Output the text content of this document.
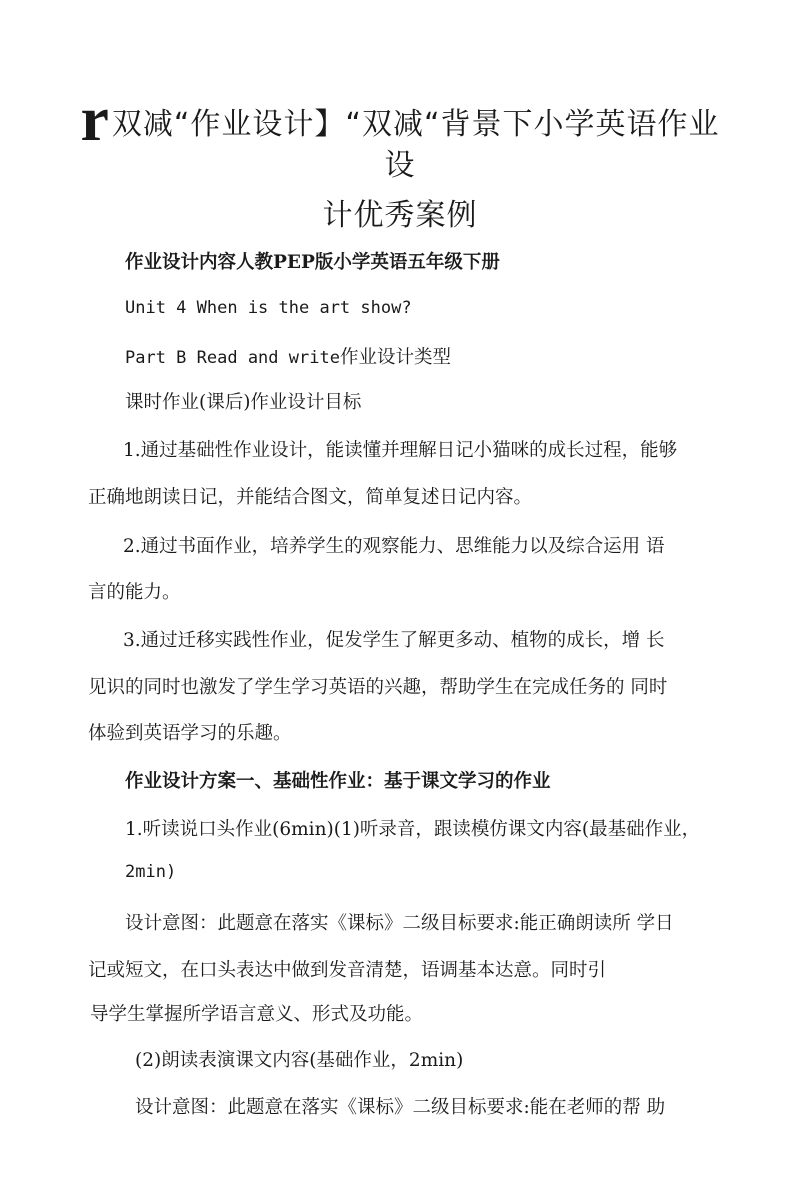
r双减“作业设计】“双减“背景下小学英语作业
设
计优秀案例
作业设计内容人教PEP版小学英语五年级下册
Unit 4 When is the art show?
Part B Read and write作业设计类型
课时作业(课后)作业设计目标
1.通过基础性作业设计，能读懂并理解日记小猫咪的成长过程，能够
正确地朗读日记，并能结合图文，简单复述日记内容。
2.通过书面作业，培养学生的观察能力、思维能力以及综合运用 语
言的能力。
3.通过迁移实践性作业，促发学生了解更多动、植物的成长，增 长
见识的同时也激发了学生学习英语的兴趣，帮助学生在完成任务的 同时
体验到英语学习的乐趣。
作业设计方案一、基础性作业：基于课文学习的作业
1.听读说口头作业(6min)(1)听录音，跟读模仿课文内容(最基础作业，
2min)
设计意图：此题意在落实《课标》二级目标要求:能正确朗读所 学日
记或短文，在口头表达中做到发音清楚，语调基本达意。同时引
导学生掌握所学语言意义、形式及功能。
(2)朗读表演课文内容(基础作业，2min)
设计意图：此题意在落实《课标》二级目标要求:能在老师的帮 助
